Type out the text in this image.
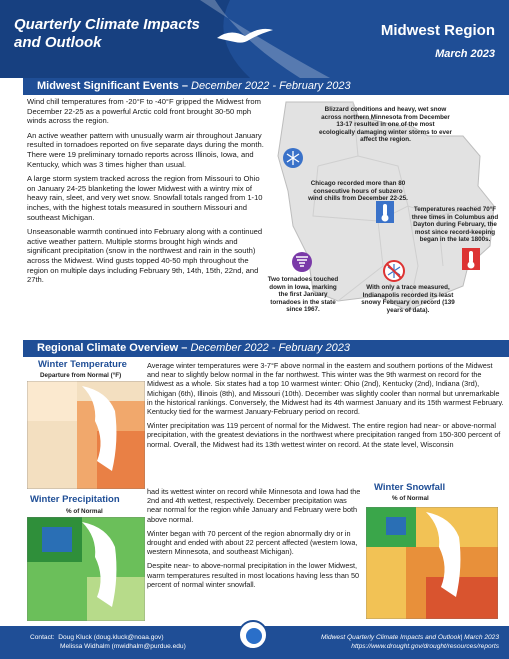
Quarterly Climate Impacts
and Outlook
Midwest Region
March 2023
Midwest Significant Events – December 2022 - February 2023

Wind chill temperatures from -20°F to -40°F gripped the Midwest from December 22-25 as a powerful Arctic cold front brought 30-50 mph winds across the region.

An active weather pattern with unusually warm air throughout January resulted in tornadoes reported on five separate days during the month. There were 19 preliminary tornado reports across Illinois, Iowa, and Kentucky, which was 3 times higher than usual.

A large storm system tracked across the region from Missouri to Ohio on January 24-25 blanketing the lower Midwest with a wintry mix of heavy rain, sleet, and very wet snow. Snowfall totals ranged from 1-10 inches, with the highest totals measured in southern Missouri and southeast Michigan.

Unseasonable warmth continued into February along with a continued active weather pattern. Multiple storms brought high winds and significant precipitation (snow in the northwest and rain in the south) across the Midwest. Wind gusts topped 40-50 mph throughout the region on multiple days including February 9th, 14th, 15th, 22nd, and 27th.

Blizzard conditions and heavy, wet snow across northern Minnesota from December 13-17 resulted in one of the most ecologically damaging winter storms to ever affect the region.
Chicago recorded more than 80 consecutive hours of subzero wind chills from December 22-25.
Temperatures reached 70°F three times in Columbus and Dayton during February, the most since record-keeping began in the late 1800s.
Two tornadoes touched down in Iowa, marking the first January tornadoes in the state since 1967.
With only a trace measured, Indianapolis recorded its least snowy February on record (139 years of data).
Regional Climate Overview – December 2022 - February 2023
Winter Temperature
Departure from Normal (°F)
Winter Precipitation
% of Normal

Average winter temperatures were 3-7°F above normal in the eastern and southern portions of the Midwest and near to slightly below normal in the far northwest. This winter was the 9th warmest on record for the Midwest as a whole. Six states had a top 10 warmest winter: Ohio (2nd), Kentucky (2nd), Indiana (3rd), Michigan (6th), Illinois (8th), and Missouri (10th). December was slightly cooler than normal but unremarkable in the historical rankings. Conversely, the Midwest had its 4th warmest January and its 15th warmest February. Kentucky tied for the warmest January-February period on record.

Winter precipitation was 119 percent of normal for the Midwest. The entire region had near- or above-normal precipitation, with the greatest deviations in the northwest where precipitation ranged from 150-300 percent of normal. Overall, the Midwest had its 13th wettest winter on record. At the state level, Wisconsin

had its wettest winter on record while Minnesota and Iowa had the 2nd and 4th wettest, respectively. December precipitation was near normal for the region while January and February were both above normal.

Winter began with 70 percent of the region abnormally dry or in drought and ended with about 22 percent affected (western Iowa, western Minnesota, and southeast Michigan).

Despite near- to above-normal precipitation in the lower Midwest, warm temperatures resulted in most locations having less than 50 percent of normal winter snowfall.

Winter Snowfall
% of Normal
Contact: Doug Kluck (doug.kluck@noaa.gov)
Melissa Widhalm (mwidhalm@purdue.edu)
Midwest Quarterly Climate Impacts and Outlook| March 2023
https://www.drought.gov/drought/resources/reports
